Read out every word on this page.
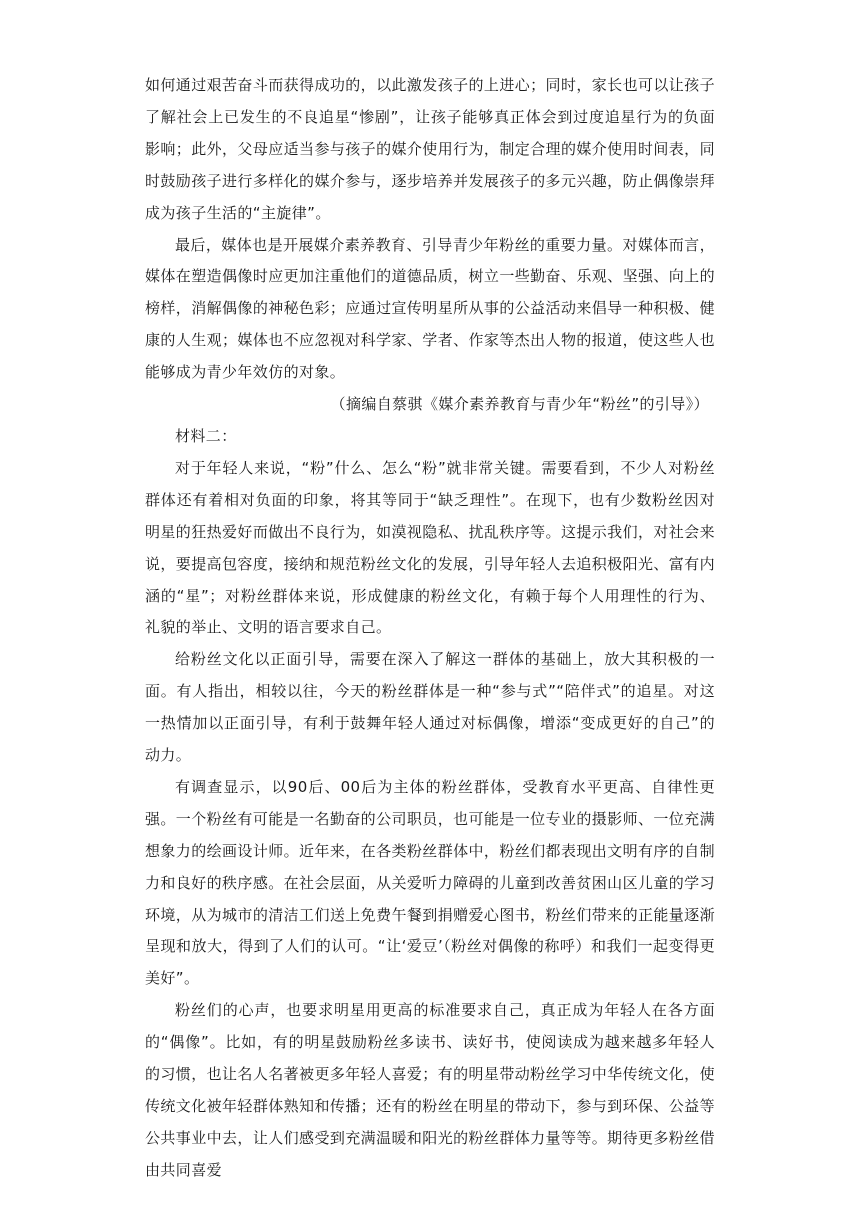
如何通过艰苦奋斗而获得成功的，以此激发孩子的上进心；同时，家长也可以让孩子了解社会上已发生的不良追星“惨剧”，让孩子能够真正体会到过度追星行为的负面影响；此外，父母应适当参与孩子的媒介使用行为，制定合理的媒介使用时间表，同时鼓励孩子进行多样化的媒介参与，逐步培养并发展孩子的多元兴趣，防止偶像崇拜成为孩子生活的“主旋律”。

最后，媒体也是开展媒介素养教育、引导青少年粉丝的重要力量。对媒体而言，媒体在塑造偶像时应更加注重他们的道德品质，树立一些勤奋、乐观、坚强、向上的榜样，消解偶像的神秘色彩；应通过宣传明星所从事的公益活动来倡导一种积极、健康的人生观；媒体也不应忽视对科学家、学者、作家等杰出人物的报道，使这些人也能够成为青少年效仿的对象。

（摘编自蔡骐《媒介素养教育与青少年“粉丝”的引导》）

材料二：

对于年轻人来说，“粉”什么、怎么“粉”就非常关键。需要看到，不少人对粉丝群体还有着相对负面的印象，将其等同于“缺乏理性”。在现下，也有少数粉丝因对明星的狂热爱好而做出不良行为，如漠视隐私、扰乱秩序等。这提示我们，对社会来说，要提高包容度，接纳和规范粉丝文化的发展，引导年轻人去追积极阳光、富有内涵的“星”；对粉丝群体来说，形成健康的粉丝文化，有赖于每个人用理性的行为、礼貌的举止、文明的语言要求自己。

给粉丝文化以正面引导，需要在深入了解这一群体的基础上，放大其积极的一面。有人指出，相较以往，今天的粉丝群体是一种“参与式”“陪伴式”的追星。对这一热情加以正面引导，有利于鼓舞年轻人通过对标偶像，增添“变成更好的自己”的动力。

有调查显示，以90后、00后为主体的粉丝群体，受教育水平更高、自律性更强。一个粉丝有可能是一名勤奋的公司职员，也可能是一位专业的摄影师、一位充满想象力的绘画设计师。近年来，在各类粉丝群体中，粉丝们都表现出文明有序的自制力和良好的秩序感。在社会层面，从关爱听力障碍的儿童到改善贫困山区儿童的学习环境，从为城市的清洁工们送上免费午餐到捐赠爱心图书，粉丝们带来的正能量逐渐呈现和放大，得到了人们的认可。“让‘爱豆’（粉丝对偶像的称呼）和我们一起变得更美好”。

粉丝们的心声，也要求明星用更高的标准要求自己，真正成为年轻人在各方面的“偶像”。比如，有的明星鼓励粉丝多读书、读好书，使阅读成为越来越多年轻人的习惯，也让名人名著被更多年轻人喜爱；有的明星带动粉丝学习中华传统文化，使传统文化被年轻群体熟知和传播；还有的粉丝在明星的带动下，参与到环保、公益等公共事业中去，让人们感受到充满温暖和阳光的粉丝群体力量等等。期待更多粉丝借由共同喜爱
